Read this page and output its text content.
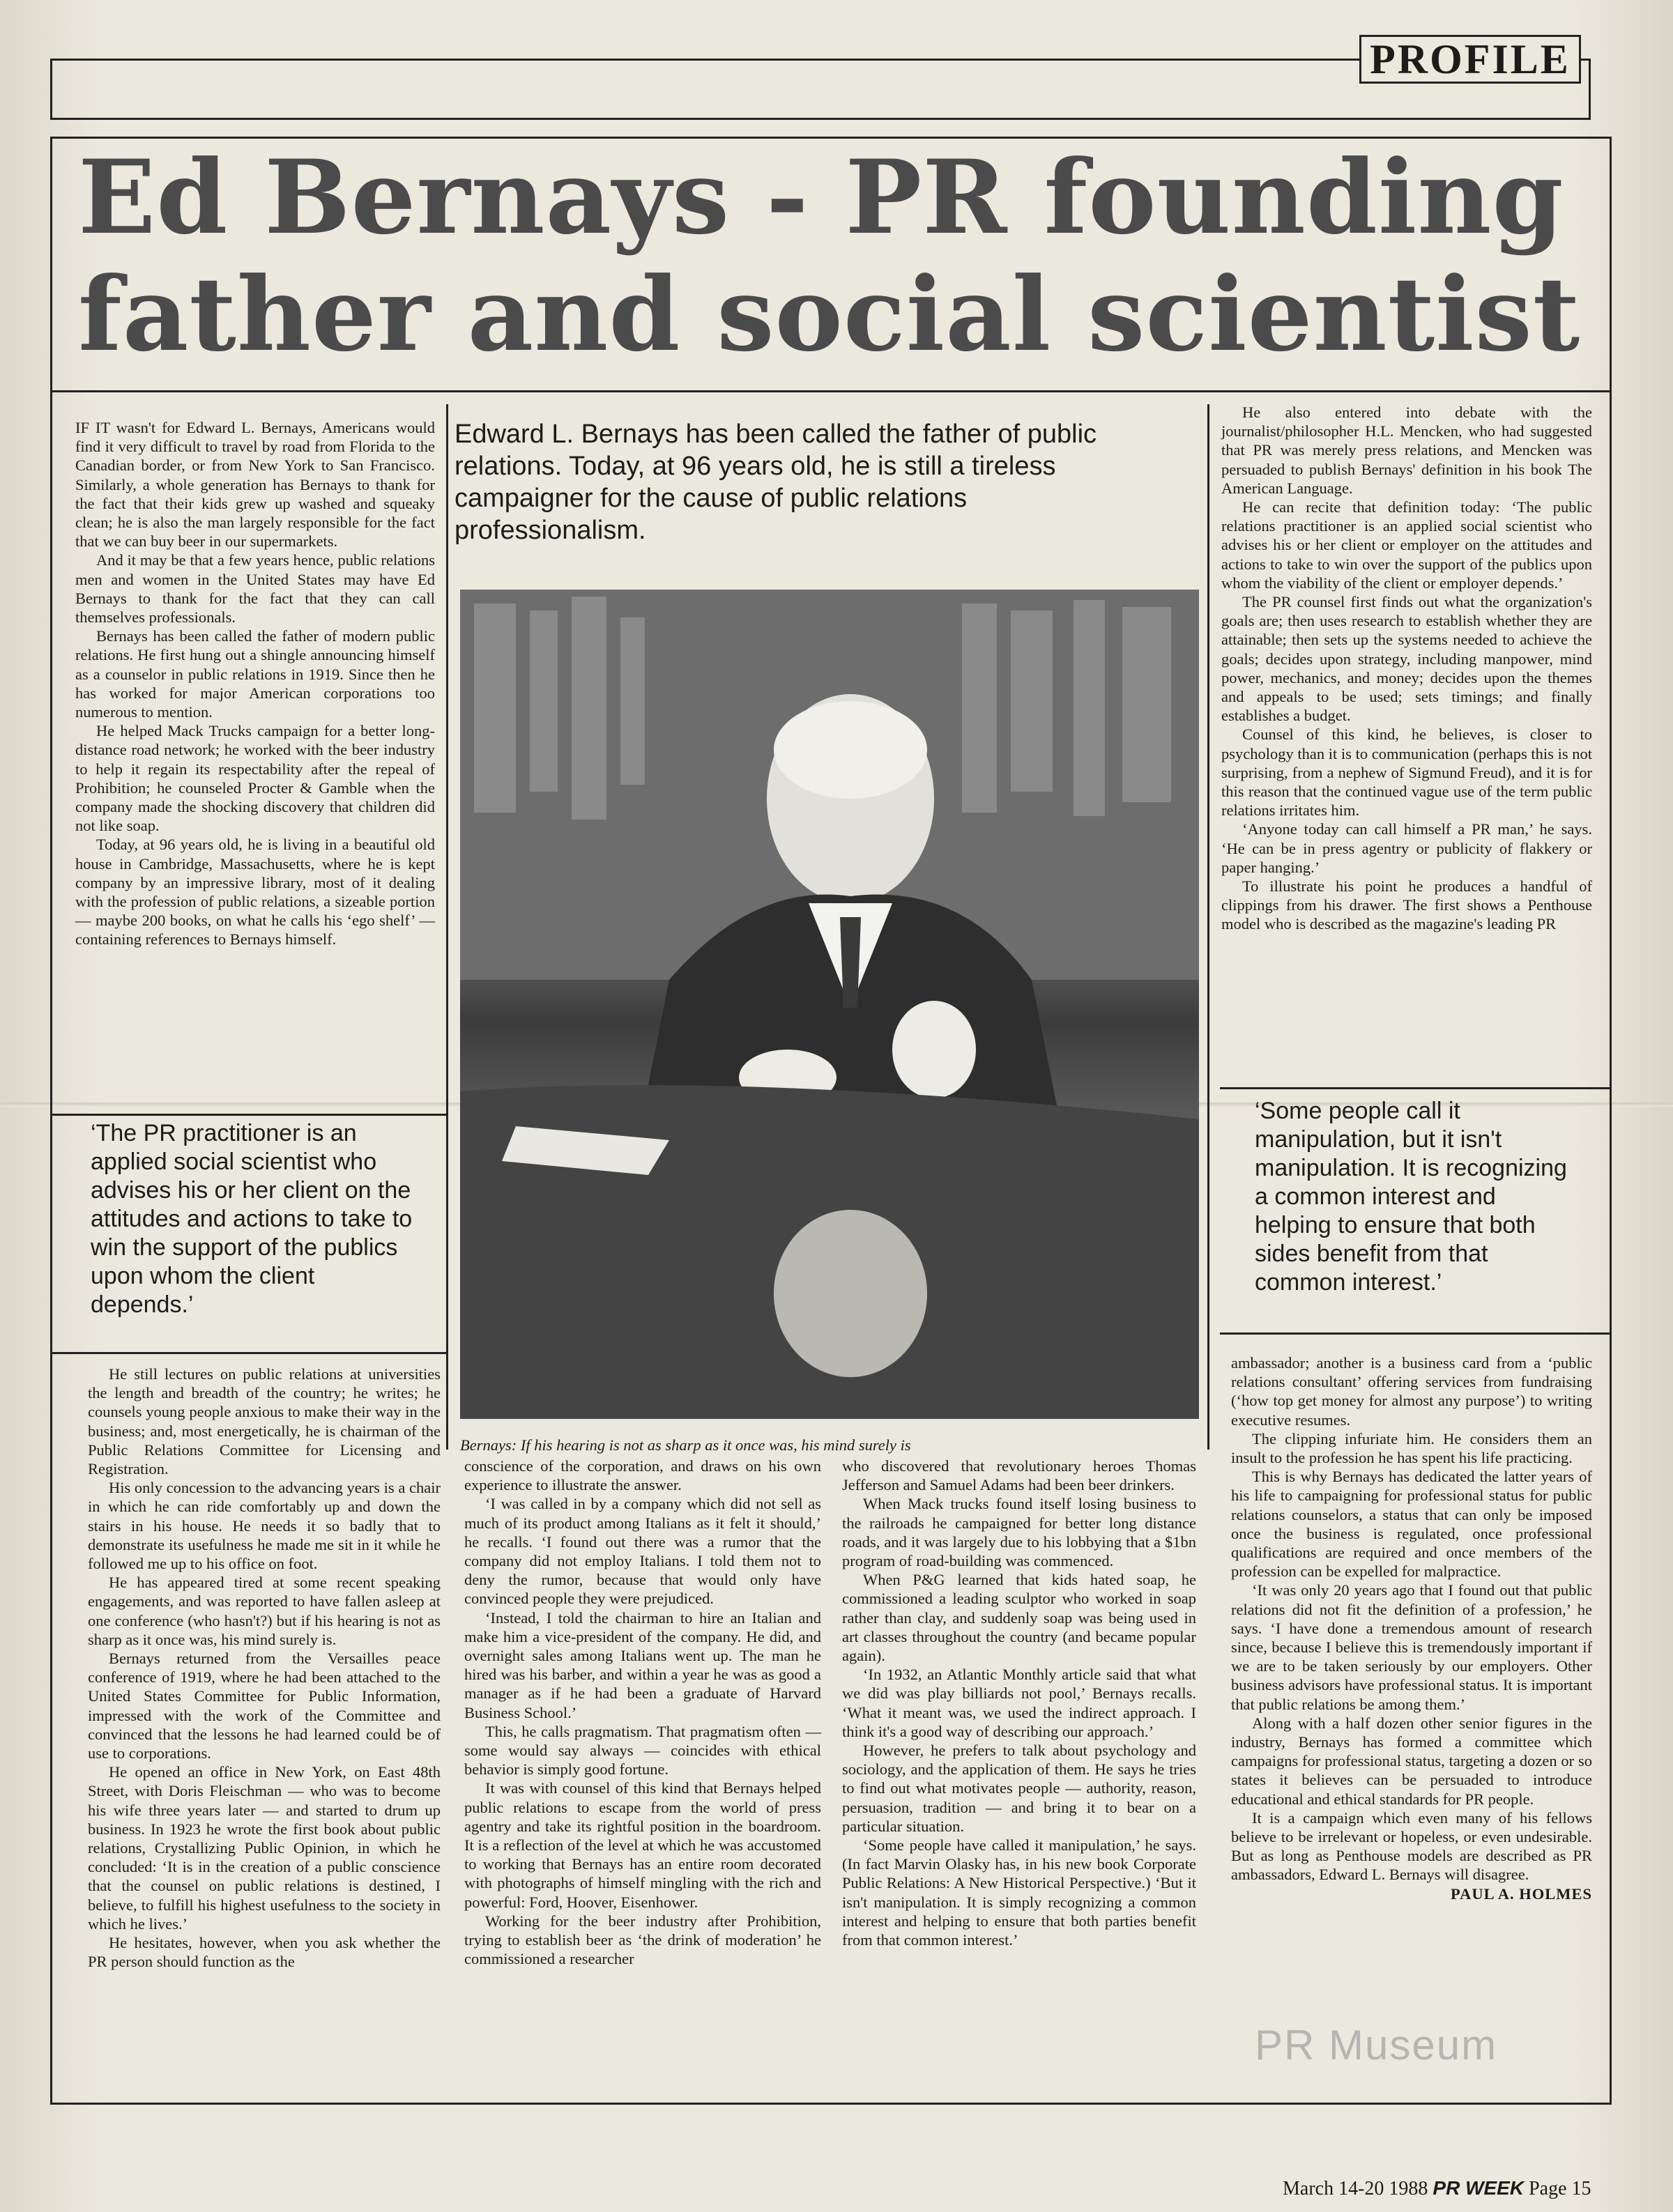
PROFILE
Ed Bernays - PR founding
father and social scientist

IF IT wasn't for Edward L. Bernays, Americans would find it very difficult to travel by road from Florida to the Canadian border, or from New York to San Francisco. Similarly, a whole generation has Bernays to thank for the fact that their kids grew up washed and squeaky clean; he is also the man largely responsible for the fact that we can buy beer in our supermarkets.

And it may be that a few years hence, public relations men and women in the United States may have Ed Bernays to thank for the fact that they can call themselves professionals.

Bernays has been called the father of modern public relations. He first hung out a shingle announcing himself as a counselor in public relations in 1919. Since then he has worked for major American corporations too numerous to mention.

He helped Mack Trucks campaign for a better long-distance road network; he worked with the beer industry to help it regain its respectability after the repeal of Prohibition; he counseled Procter & Gamble when the company made the shocking discovery that children did not like soap.

Today, at 96 years old, he is living in a beautiful old house in Cambridge, Massachusetts, where he is kept company by an impressive library, most of it dealing with the profession of public relations, a sizeable portion — maybe 200 books, on what he calls his ‘ego shelf’ — containing references to Bernays himself.

Edward L. Bernays has been called the father of public relations. Today, at 96 years old, he is still a tireless campaigner for the cause of public relations professionalism.
Bernays: If his hearing is not as sharp as it once was, his mind surely is

He also entered into debate with the journalist/philosopher H.L. Mencken, who had suggested that PR was merely press relations, and Mencken was persuaded to publish Bernays' definition in his book The American Language.

He can recite that definition today: ‘The public relations practitioner is an applied social scientist who advises his or her client or employer on the attitudes and actions to take to win over the support of the publics upon whom the viability of the client or employer depends.’

The PR counsel first finds out what the organization's goals are; then uses research to establish whether they are attainable; then sets up the systems needed to achieve the goals; decides upon strategy, including manpower, mind power, mechanics, and money; decides upon the themes and appeals to be used; sets timings; and finally establishes a budget.

Counsel of this kind, he believes, is closer to psychology than it is to communication (perhaps this is not surprising, from a nephew of Sigmund Freud), and it is for this reason that the continued vague use of the term public relations irritates him.

‘Anyone today can call himself a PR man,’ he says. ‘He can be in press agentry or publicity of flakkery or paper hanging.’

To illustrate his point he produces a handful of clippings from his drawer. The first shows a Penthouse model who is described as the magazine's leading PR

‘The PR practitioner is an applied social scientist who advises his or her client on the attitudes and actions to take to win the support of the publics upon whom the client depends.’
‘Some people call it manipulation, but it isn't manipulation. It is recognizing a common interest and helping to ensure that both sides benefit from that common interest.’

He still lectures on public relations at universities the length and breadth of the country; he writes; he counsels young people anxious to make their way in the business; and, most energetically, he is chairman of the Public Relations Committee for Licensing and Registration.

His only concession to the advancing years is a chair in which he can ride comfortably up and down the stairs in his house. He needs it so badly that to demonstrate its usefulness he made me sit in it while he followed me up to his office on foot.

He has appeared tired at some recent speaking engagements, and was reported to have fallen asleep at one conference (who hasn't?) but if his hearing is not as sharp as it once was, his mind surely is.

Bernays returned from the Versailles peace conference of 1919, where he had been attached to the United States Committee for Public Information, impressed with the work of the Committee and convinced that the lessons he had learned could be of use to corporations.

He opened an office in New York, on East 48th Street, with Doris Fleischman — who was to become his wife three years later — and started to drum up business. In 1923 he wrote the first book about public relations, Crystallizing Public Opinion, in which he concluded: ‘It is in the creation of a public conscience that the counsel on public relations is destined, I believe, to fulfill his highest usefulness to the society in which he lives.’

He hesitates, however, when you ask whether the PR person should function as the

conscience of the corporation, and draws on his own experience to illustrate the answer.

‘I was called in by a company which did not sell as much of its product among Italians as it felt it should,’ he recalls. ‘I found out there was a rumor that the company did not employ Italians. I told them not to deny the rumor, because that would only have convinced people they were prejudiced.

‘Instead, I told the chairman to hire an Italian and make him a vice-president of the company. He did, and overnight sales among Italians went up. The man he hired was his barber, and within a year he was as good a manager as if he had been a graduate of Harvard Business School.’

This, he calls pragmatism. That pragmatism often — some would say always — coincides with ethical behavior is simply good fortune.

It was with counsel of this kind that Bernays helped public relations to escape from the world of press agentry and take its rightful position in the boardroom. It is a reflection of the level at which he was accustomed to working that Bernays has an entire room decorated with photographs of himself mingling with the rich and powerful: Ford, Hoover, Eisenhower.

Working for the beer industry after Prohibition, trying to establish beer as ‘the drink of moderation’ he commissioned a researcher

who discovered that revolutionary heroes Thomas Jefferson and Samuel Adams had been beer drinkers.

When Mack trucks found itself losing business to the railroads he campaigned for better long distance roads, and it was largely due to his lobbying that a $1bn program of road-building was commenced.

When P&G learned that kids hated soap, he commissioned a leading sculptor who worked in soap rather than clay, and suddenly soap was being used in art classes throughout the country (and became popular again).

‘In 1932, an Atlantic Monthly article said that what we did was play billiards not pool,’ Bernays recalls. ‘What it meant was, we used the indirect approach. I think it's a good way of describing our approach.’

However, he prefers to talk about psychology and sociology, and the application of them. He says he tries to find out what motivates people — authority, reason, persuasion, tradition — and bring it to bear on a particular situation.

‘Some people have called it manipulation,’ he says. (In fact Marvin Olasky has, in his new book Corporate Public Relations: A New Historical Perspective.) ‘But it isn't manipulation. It is simply recognizing a common interest and helping to ensure that both parties benefit from that common interest.’

ambassador; another is a business card from a ‘public relations consultant’ offering services from fundraising (‘how top get money for almost any purpose’) to writing executive resumes.

The clipping infuriate him. He considers them an insult to the profession he has spent his life practicing.

This is why Bernays has dedicated the latter years of his life to campaigning for professional status for public relations counselors, a status that can only be imposed once the business is regulated, once professional qualifications are required and once members of the profession can be expelled for malpractice.

‘It was only 20 years ago that I found out that public relations did not fit the definition of a profession,’ he says. ‘I have done a tremendous amount of research since, because I believe this is tremendously important if we are to be taken seriously by our employers. Other business advisors have professional status. It is important that public relations be among them.’

Along with a half dozen other senior figures in the industry, Bernays has formed a committee which campaigns for professional status, targeting a dozen or so states it believes can be persuaded to introduce educational and ethical standards for PR people.

It is a campaign which even many of his fellows believe to be irrelevant or hopeless, or even undesirable. But as long as Penthouse models are described as PR ambassadors, Edward L. Bernays will disagree.

PAUL A. HOLMES

PR Museum
March 14-20 1988 PR WEEK Page 15
